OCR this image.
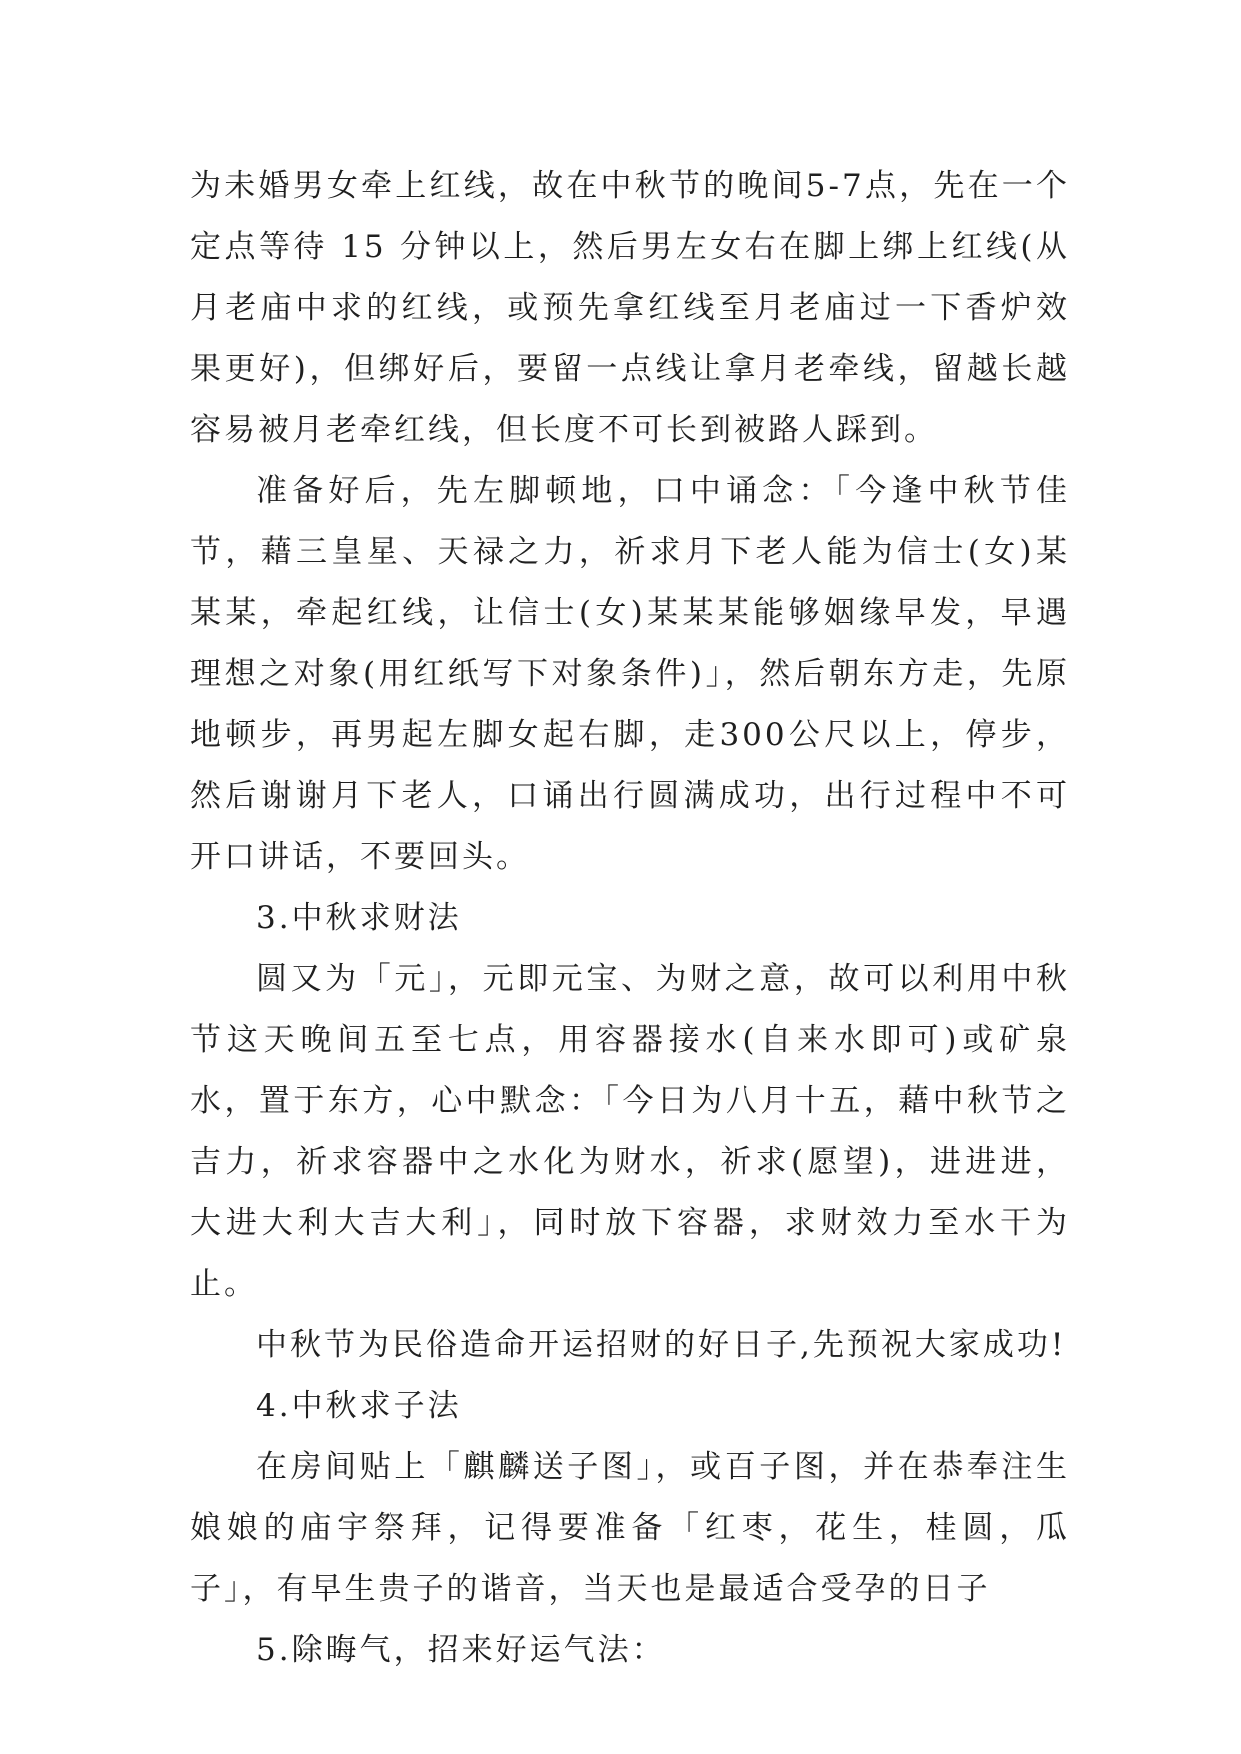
为未婚男女牵上红线，故在中秋节的晚间5-7点，先在一个定点等待 15 分钟以上，然后男左女右在脚上绑上红线(从月老庙中求的红线，或预先拿红线至月老庙过一下香炉效果更好)，但绑好后，要留一点线让拿月老牵线，留越长越容易被月老牵红线，但长度不可长到被路人踩到。

准备好后，先左脚顿地，口中诵念：「今逢中秋节佳节，藉三皇星、天禄之力，祈求月下老人能为信士(女)某某某，牵起红线，让信士(女)某某某能够姻缘早发，早遇理想之对象(用红纸写下对象条件)」，然后朝东方走，先原地顿步，再男起左脚女起右脚，走300公尺以上，停步，然后谢谢月下老人，口诵出行圆满成功，出行过程中不可开口讲话，不要回头。

3.中秋求财法

圆又为「元」，元即元宝、为财之意，故可以利用中秋节这天晚间五至七点，用容器接水(自来水即可)或矿泉水，置于东方，心中默念：「今日为八月十五，藉中秋节之吉力，祈求容器中之水化为财水，祈求(愿望)，进进进，大进大利大吉大利」，同时放下容器，求财效力至水干为止。

中秋节为民俗造命开运招财的好日子,先预祝大家成功!

4.中秋求子法

在房间贴上「麒麟送子图」，或百子图，并在恭奉注生娘娘的庙宇祭拜，记得要准备「红枣，花生，桂圆，瓜子」，有早生贵子的谐音，当天也是最适合受孕的日子

5.除晦气，招来好运气法：
